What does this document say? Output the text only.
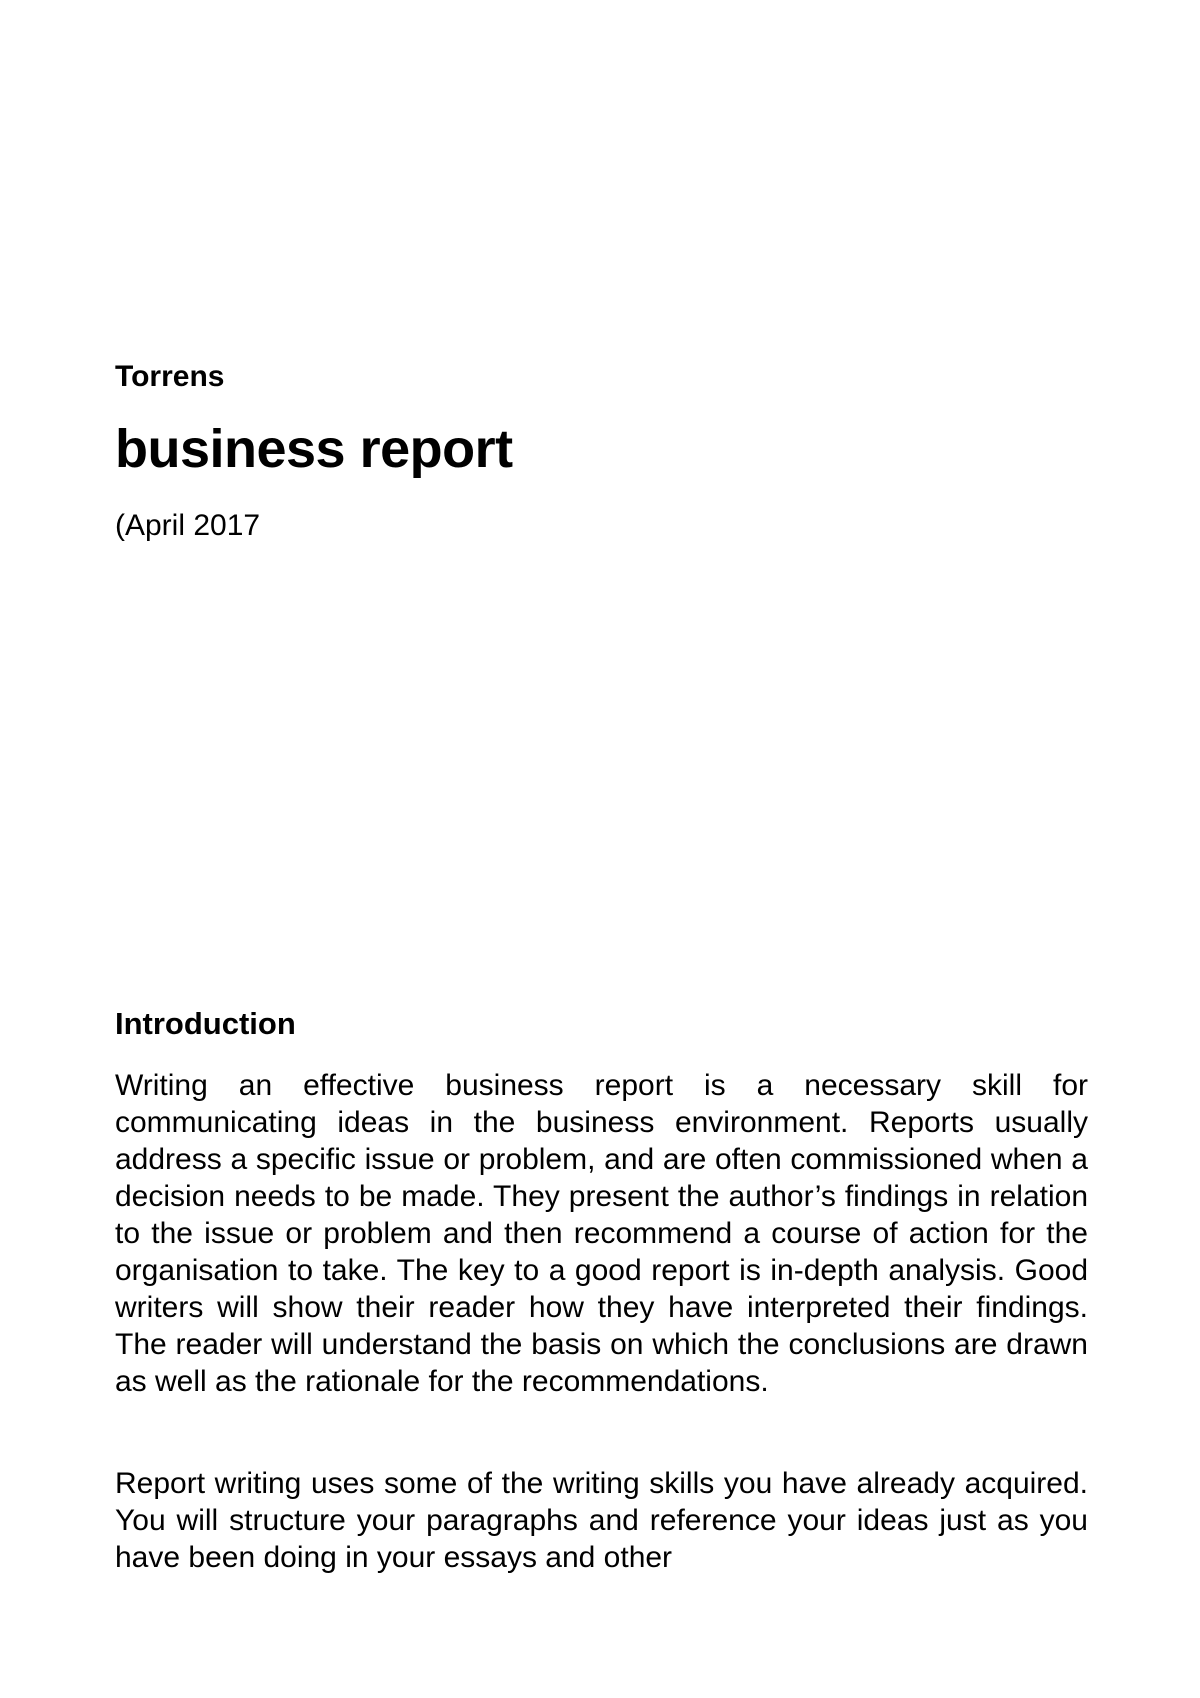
Torrens

business report

(April 2017

Introduction

Writing an effective business report is a necessary skill for communicating ideas in the business environment. Reports usually address a specific issue or problem, and are often commissioned when a decision needs to be made. They present the author’s findings in relation to the issue or problem and then recommend a course of action for the organisation to take. The key to a good report is in-depth analysis. Good writers will show their reader how they have interpreted their findings. The reader will understand the basis on which the conclusions are drawn as well as the rationale for the recommendations.

Report writing uses some of the writing skills you have already acquired. You will structure your paragraphs and reference your ideas just as you have been doing in your essays and other
